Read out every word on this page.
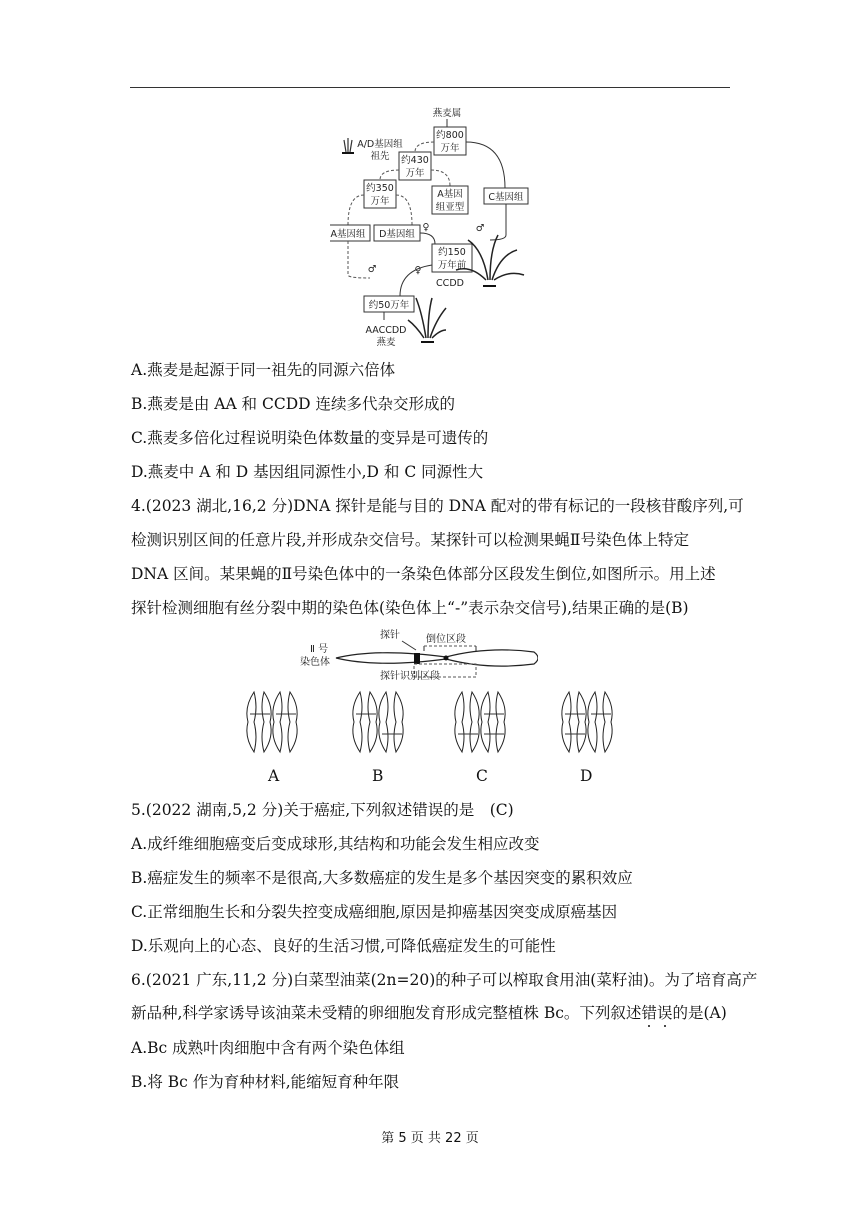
燕麦属
约800
万年
A/D基因组
祖先 约430
万年
约350
万年
A基因
组亚型
C基因组
A基因组 D基因组
♀	♂
约150
万年前
CCDD
♂	♀
约50万年
AACCDD
燕麦
A.燕麦是起源于同一祖先的同源六倍体
B.燕麦是由 AA 和 CCDD 连续多代杂交形成的
C.燕麦多倍化过程说明染色体数量的变异是可遗传的
D.燕麦中 A 和 D 基因组同源性小,D 和 C 同源性大
4.(2023 湖北,16,2 分)DNA 探针是能与目的 DNA 配对的带有标记的一段核苷酸序列,可
检测识别区间的任意片段,并形成杂交信号。某探针可以检测果蝇Ⅱ号染色体上特定
DNA 区间。某果蝇的Ⅱ号染色体中的一条染色体部分区段发生倒位,如图所示。用上述
探针检测细胞有丝分裂中期的染色体(染色体上“-”表示杂交信号),结果正确的是(B)
Ⅱ 号
染色体
探针	倒位区段
探针识别区段
A	B	C	D
5.(2022 湖南,5,2 分)关于癌症,下列叙述错误的是　(C)
A.成纤维细胞癌变后变成球形,其结构和功能会发生相应改变
B.癌症发生的频率不是很高,大多数癌症的发生是多个基因突变的累积效应
C.正常细胞生长和分裂失控变成癌细胞,原因是抑癌基因突变成原癌基因
D.乐观向上的心态、良好的生活习惯,可降低癌症发生的可能性
6.(2021 广东,11,2 分)白菜型油菜(2n=20)的种子可以榨取食用油(菜籽油)。为了培育高产
新品种,科学家诱导该油菜未受精的卵细胞发育形成完整植株 Bc。下列叙述错误的是(A)
A.Bc 成熟叶肉细胞中含有两个染色体组
B.将 Bc 作为育种材料,能缩短育种年限
第 5 页 共 22 页
